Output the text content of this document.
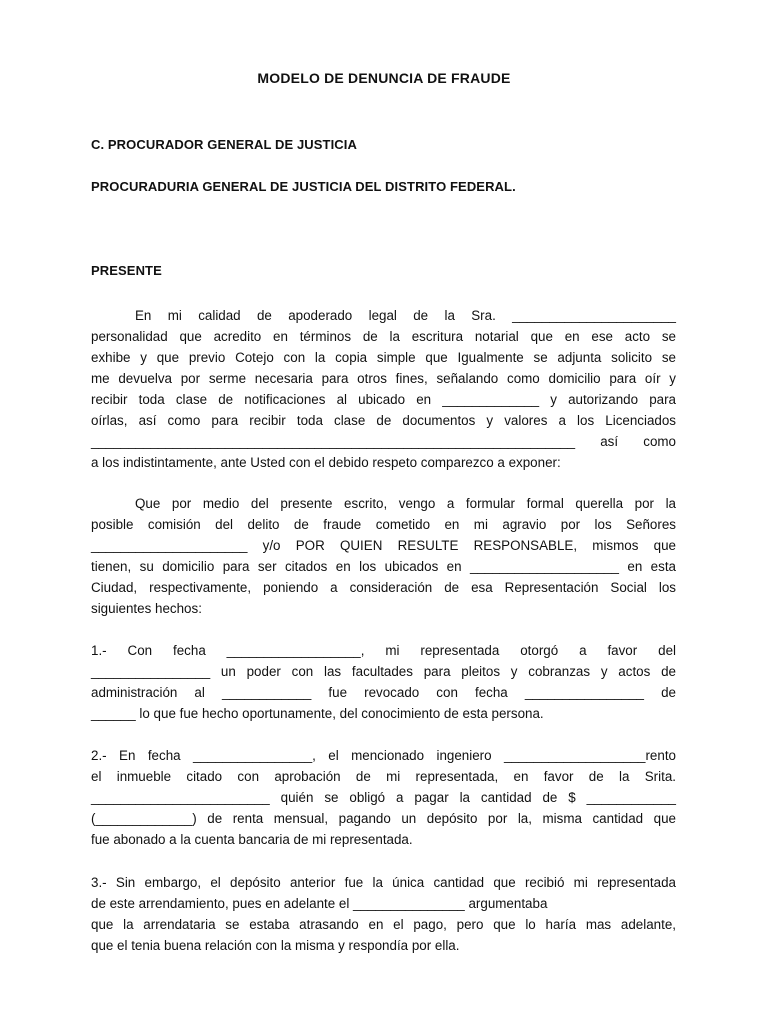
MODELO DE DENUNCIA DE FRAUDE
C. PROCURADOR GENERAL DE JUSTICIA
PROCURADURIA GENERAL DE JUSTICIA DEL DISTRITO FEDERAL.
PRESENTE
En mi calidad de apoderado legal de la Sra. ______________________
personalidad que acredito en términos de la escritura notarial que en ese acto se
exhibe y que previo Cotejo con la copia simple que Igualmente se adjunta solicito se
me devuelva por serme necesaria para otros fines, señalando como domicilio para oír y
recibir toda clase de notificaciones al ubicado en _____________ y autorizando para
oírlas, así como para recibir toda clase de documentos y valores a los Licenciados
_________________________________________________________________ así como
a los indistintamente, ante Usted con el debido respeto comparezco a exponer:
Que por medio del presente escrito, vengo a formular formal querella por la
posible comisión del delito de fraude cometido en mi agravio por los Señores
_____________________ y/o POR QUIEN RESULTE RESPONSABLE, mismos que
tienen, su domicilio para ser citados en los ubicados en ____________________ en esta
Ciudad, respectivamente, poniendo a consideración de esa Representación Social los
siguientes hechos:
1.- Con fecha __________________, mi representada otorgó a favor del
________________ un poder con las facultades para pleitos y cobranzas y actos de
administración al ____________ fue revocado con fecha ________________ de
______ lo que fue hecho oportunamente, del conocimiento de esta persona.
2.- En fecha ________________, el mencionado ingeniero ___________________rento
el inmueble citado con aprobación de mi representada, en favor de la Srita.
________________________ quién se obligó a pagar la cantidad de $ ____________
(_____________) de renta mensual, pagando un depósito por la, misma cantidad que
fue abonado a la cuenta bancaria de mi representada.
3.- Sin embargo, el depósito anterior fue la única cantidad que recibió mi representada
de este arrendamiento, pues en adelante el _______________ argumentaba
que la arrendataria se estaba atrasando en el pago, pero que lo haría mas adelante,
que el tenia buena relación con la misma y respondía por ella.
